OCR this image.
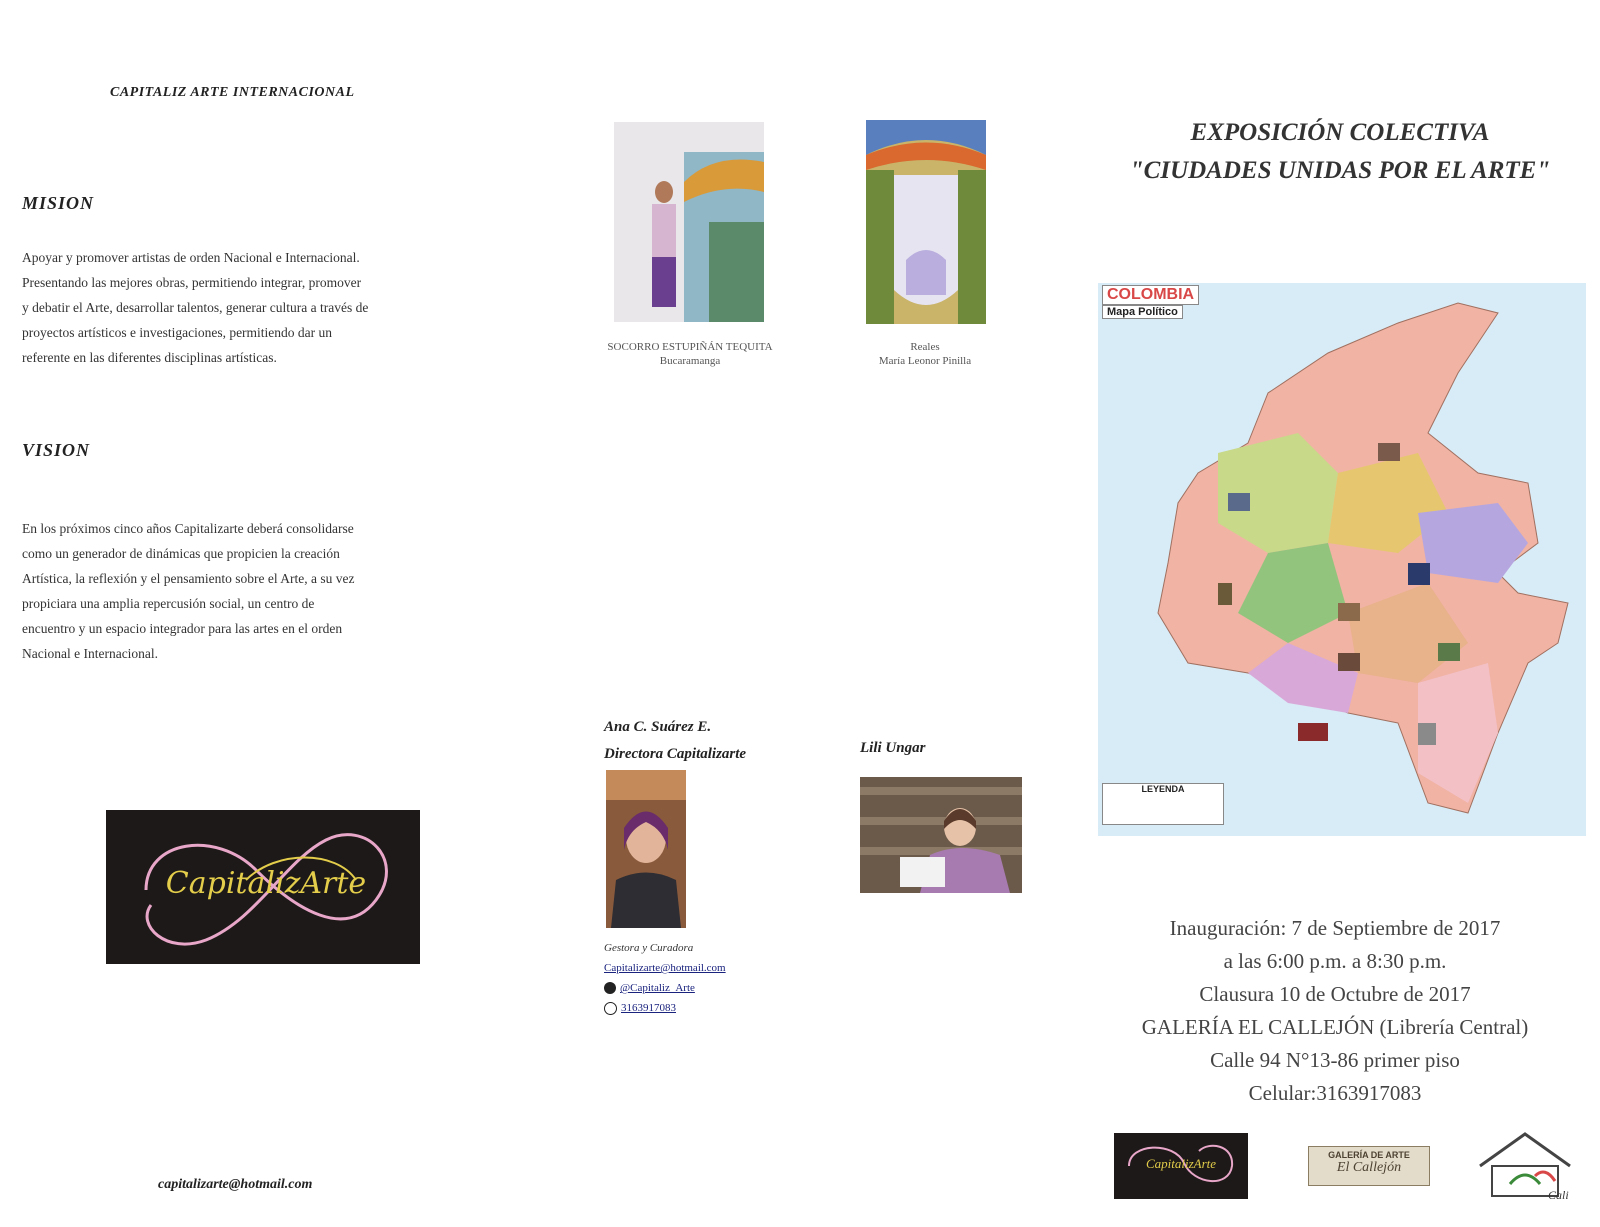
CAPITALIZ ARTE INTERNACIONAL
MISION
Apoyar y promover artistas de orden Nacional e Internacional.
Presentando las mejores obras, permitiendo integrar, promover
y debatir el Arte, desarrollar talentos, generar cultura a través de
proyectos artísticos e investigaciones, permitiendo dar un
referente en las diferentes disciplinas artísticas.
VISION
En los próximos cinco años Capitalizarte deberá consolidarse
como un generador de dinámicas que propicien la creación
Artística, la reflexión y el pensamiento sobre el Arte, a su vez
propiciara una amplia repercusión social, un centro de
encuentro y un espacio integrador para las artes en el orden
Nacional e Internacional.
CapitalizArte
capitalizarte@hotmail.com
SOCORRO ESTUPIÑÁN TEQUITA
Bucaramanga
Reales
María Leonor Pinilla
Ana C. Suárez E.
Directora Capitalizarte	Lili Ungar
Gestora y Curadora
Capitalizarte@hotmail.com
@Capitaliz_Arte
3163917083
EXPOSICIÓN COLECTIVA
"CIUDADES UNIDAS POR EL ARTE"
COLOMBIA
Mapa Político
LEYENDA
Inauguración: 7 de Septiembre de 2017
a las 6:00 p.m. a 8:30 p.m.
Clausura 10 de Octubre de 2017
GALERÍA EL CALLEJÓN (Librería Central)
Calle 94 N°13-86 primer piso
Celular:3163917083
CapitalizArte
GALERÍA DE ARTE
El Callejón
Cali
